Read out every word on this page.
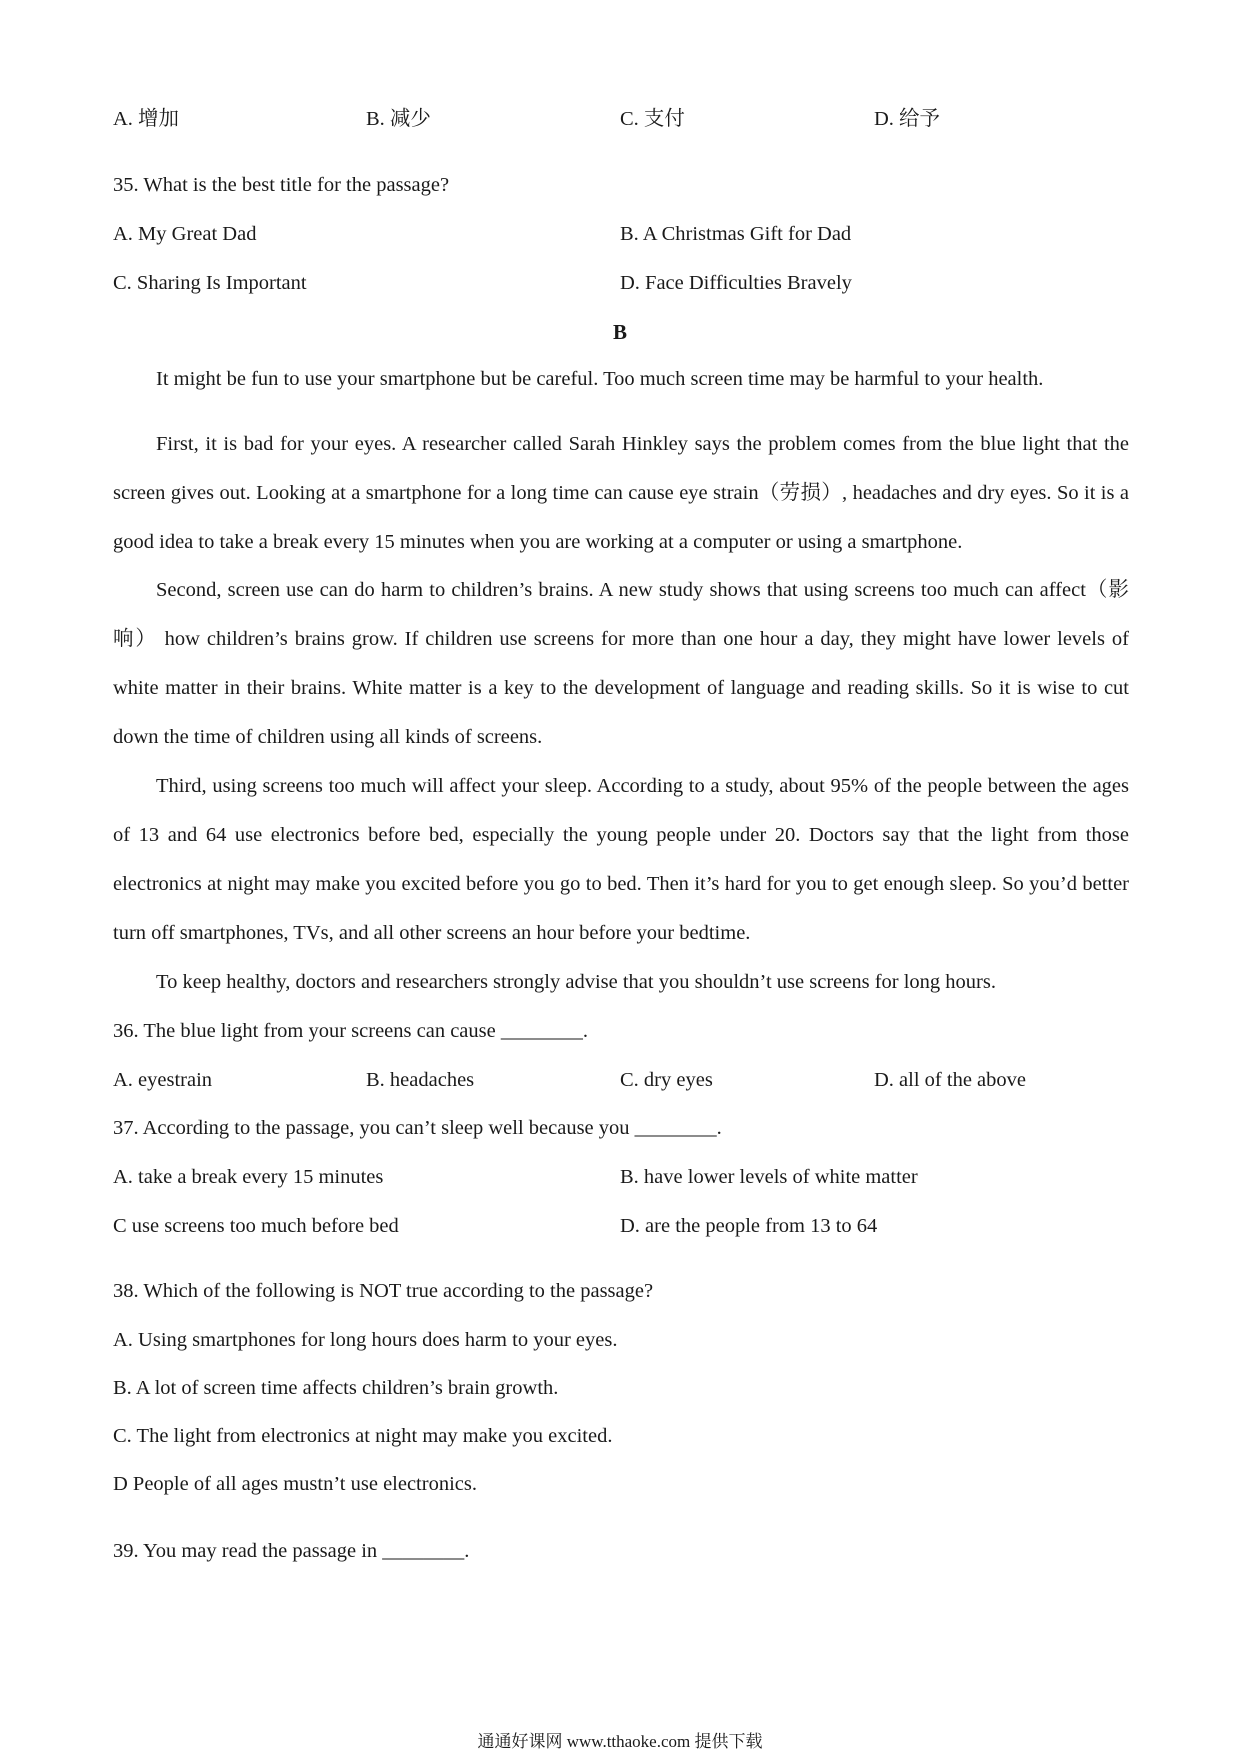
A. 增加	B. 减少	C. 支付	D. 给予
35. What is the best title for the passage?
A. My Great Dad	B. A Christmas Gift for Dad
C. Sharing Is Important	D. Face Difficulties Bravely
B
It might be fun to use your smartphone but be careful. Too much screen time may be harmful to your health.
First, it is bad for your eyes. A researcher called Sarah Hinkley says the problem comes from the blue light that the screen gives out. Looking at a smartphone for a long time can cause eye strain（劳损）, headaches and dry eyes. So it is a good idea to take a break every 15 minutes when you are working at a computer or using a smartphone.
Second, screen use can do harm to children’s brains. A new study shows that using screens too much can affect（影响） how children’s brains grow. If children use screens for more than one hour a day, they might have lower levels of white matter in their brains. White matter is a key to the development of language and reading skills. So it is wise to cut down the time of children using all kinds of screens.
Third, using screens too much will affect your sleep. According to a study, about 95% of the people between the ages of 13 and 64 use electronics before bed, especially the young people under 20. Doctors say that the light from those electronics at night may make you excited before you go to bed. Then it’s hard for you to get enough sleep. So you’d better turn off smartphones, TVs, and all other screens an hour before your bedtime.
To keep healthy, doctors and researchers strongly advise that you shouldn’t use screens for long hours.
36. The blue light from your screens can cause ________.
A. eyestrain	B. headaches	C. dry eyes	D. all of the above
37. According to the passage, you can’t sleep well because you ________.
A. take a break every 15 minutes	B. have lower levels of white matter
C use screens too much before bed	D. are the people from 13 to 64
38. Which of the following is NOT true according to the passage?
A. Using smartphones for long hours does harm to your eyes.
B. A lot of screen time affects children’s brain growth.
C. The light from electronics at night may make you excited.
D People of all ages mustn’t use electronics.
39. You may read the passage in ________.
通通好课网 www.tthaoke.com 提供下载
